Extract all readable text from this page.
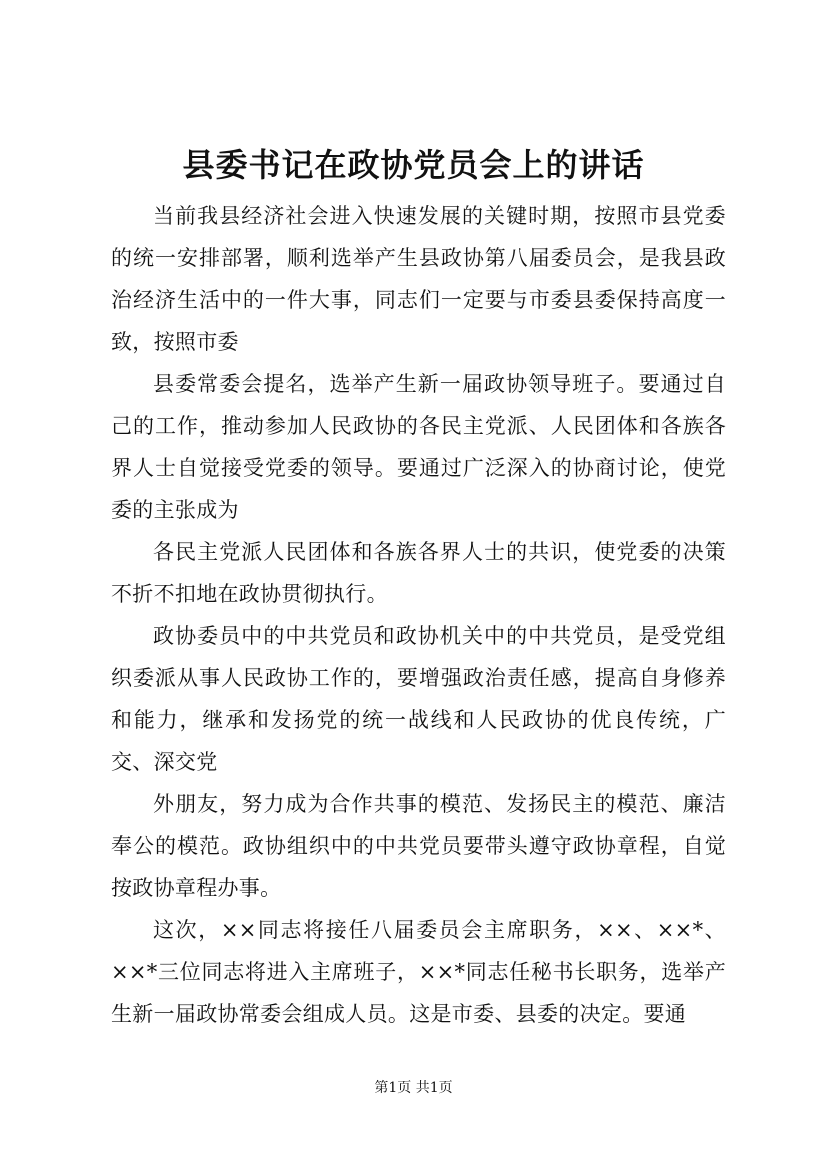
县委书记在政协党员会上的讲话

当前我县经济社会进入快速发展的关键时期，按照市县党委的统一安排部署，顺利选举产生县政协第八届委员会，是我县政治经济生活中的一件大事，同志们一定要与市委县委保持高度一致，按照市委

县委常委会提名，选举产生新一届政协领导班子。要通过自己的工作，推动参加人民政协的各民主党派、人民团体和各族各界人士自觉接受党委的领导。要通过广泛深入的协商讨论，使党委的主张成为

各民主党派人民团体和各族各界人士的共识，使党委的决策不折不扣地在政协贯彻执行。

政协委员中的中共党员和政协机关中的中共党员，是受党组织委派从事人民政协工作的，要增强政治责任感，提高自身修养和能力，继承和发扬党的统一战线和人民政协的优良传统，广交、深交党

外朋友，努力成为合作共事的模范、发扬民主的模范、廉洁奉公的模范。政协组织中的中共党员要带头遵守政协章程，自觉按政协章程办事。

这次，××同志将接任八届委员会主席职务，××、××*、××*三位同志将进入主席班子，××*同志任秘书长职务，选举产生新一届政协常委会组成人员。这是市委、县委的决定。要通

第1页 共1页
